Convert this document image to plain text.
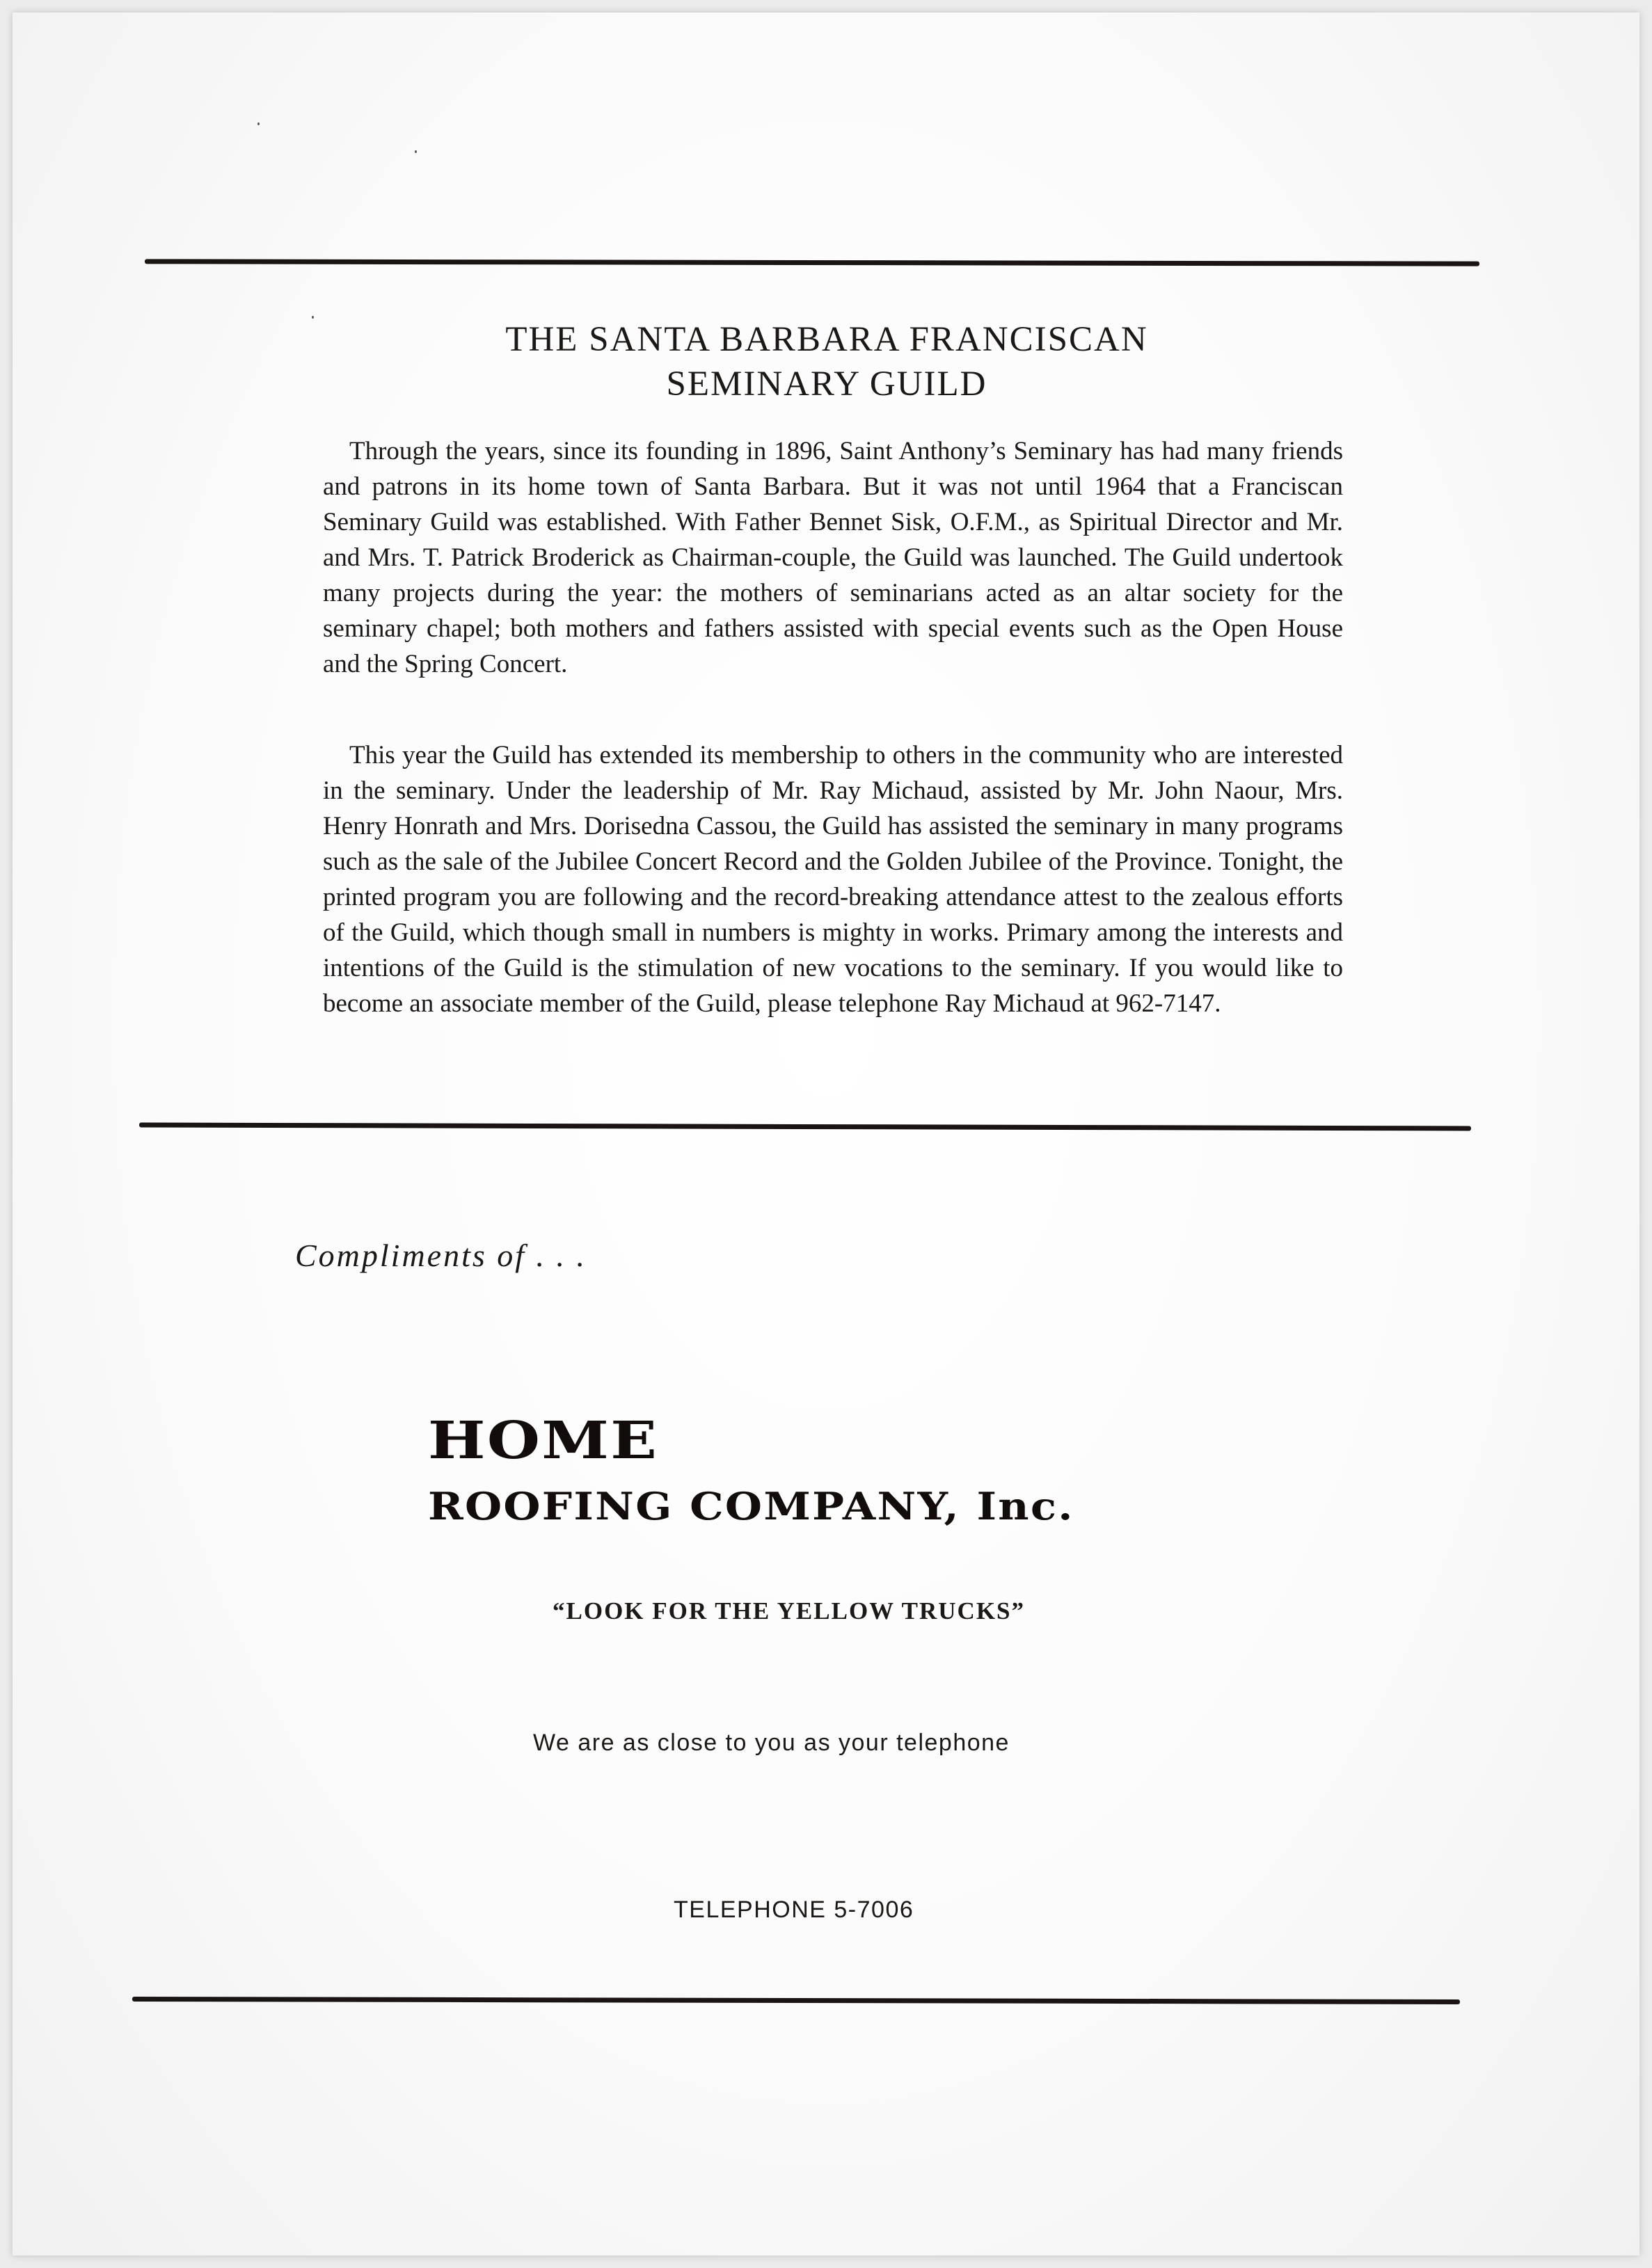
THE SANTA BARBARA FRANCISCAN
SEMINARY GUILD
Through the years, since its founding in 1896, Saint Anthony’s Seminary has had many friends and patrons in its home town of Santa Barbara. But it was not until 1964 that a Franciscan Seminary Guild was established. With Father Bennet Sisk, O.F.M., as Spiritual Director and Mr. and Mrs. T. Patrick Broderick as Chairman-couple, the Guild was launched. The Guild undertook many projects during the year: the mothers of seminarians acted as an altar society for the seminary chapel; both mothers and fathers assisted with special events such as the Open House and the Spring Concert.
This year the Guild has extended its membership to others in the community who are interested in the seminary. Under the leadership of Mr. Ray Michaud, assisted by Mr. John Naour, Mrs. Henry Honrath and Mrs. Dorisedna Cassou, the Guild has assisted the seminary in many programs such as the sale of the Jubilee Concert Record and the Golden Jubilee of the Province. Tonight, the printed program you are following and the record-breaking attendance attest to the zealous efforts of the Guild, which though small in numbers is mighty in works. Primary among the interests and intentions of the Guild is the stimulation of new vocations to the seminary. If you would like to become an associate member of the Guild, please telephone Ray Michaud at 962-7147.
Compliments of . . .
HOME
ROOFING COMPANY, Inc.
“LOOK FOR THE YELLOW TRUCKS”
We are as close to you as your telephone
TELEPHONE 5-7006
